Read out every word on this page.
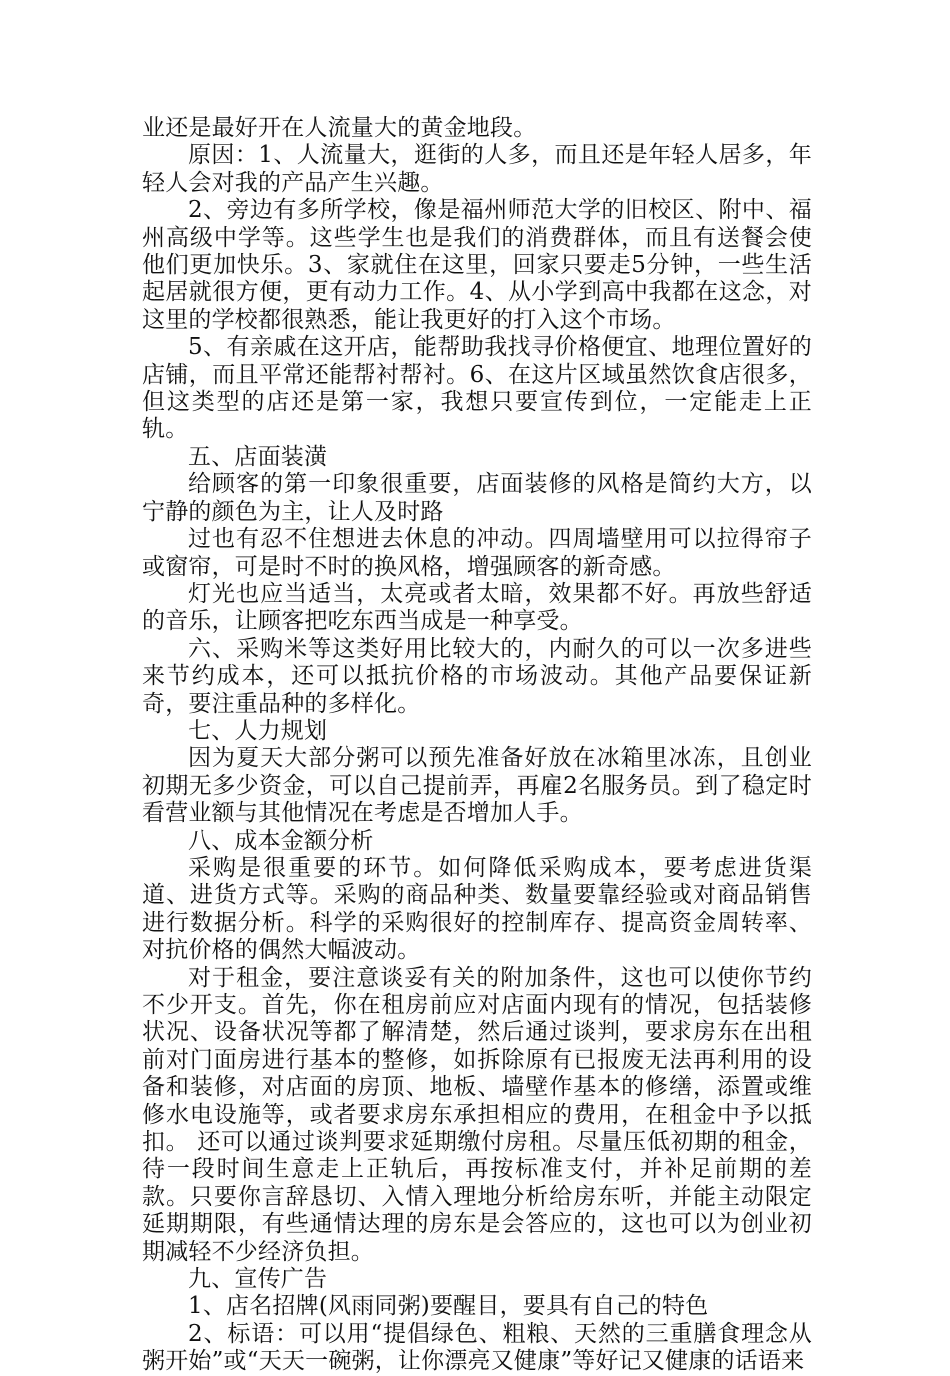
业还是最好开在人流量大的黄金地段。

原因：1、人流量大，逛街的人多，而且还是年轻人居多，年轻人会对我的产品产生兴趣。

2、旁边有多所学校，像是福州师范大学的旧校区、附中、福州高级中学等。这些学生也是我们的消费群体，而且有送餐会使他们更加快乐。3、家就住在这里，回家只要走5分钟，一些生活起居就很方便，更有动力工作。4、从小学到高中我都在这念，对这里的学校都很熟悉，能让我更好的打入这个市场。

5、有亲戚在这开店，能帮助我找寻价格便宜、地理位置好的店铺，而且平常还能帮衬帮衬。6、在这片区域虽然饮食店很多，但这类型的店还是第一家，我想只要宣传到位，一定能走上正轨。

五、店面装潢

给顾客的第一印象很重要，店面装修的风格是简约大方，以宁静的颜色为主，让人及时路

过也有忍不住想进去休息的冲动。四周墙壁用可以拉得帘子或窗帘，可是时不时的换风格，增强顾客的新奇感。

灯光也应当适当，太亮或者太暗，效果都不好。再放些舒适的音乐，让顾客把吃东西当成是一种享受。

六、采购米等这类好用比较大的，内耐久的可以一次多进些来节约成本，还可以抵抗价格的市场波动。其他产品要保证新奇，要注重品种的多样化。

七、人力规划

因为夏天大部分粥可以预先准备好放在冰箱里冰冻，且创业初期无多少资金，可以自己提前弄，再雇2名服务员。到了稳定时看营业额与其他情况在考虑是否增加人手。

八、成本金额分析

采购是很重要的环节。如何降低采购成本，要考虑进货渠道、进货方式等。采购的商品种类、数量要靠经验或对商品销售进行数据分析。科学的采购很好的控制库存、提高资金周转率、对抗价格的偶然大幅波动。

对于租金，要注意谈妥有关的附加条件，这也可以使你节约不少开支。首先，你在租房前应对店面内现有的情况，包括装修状况、设备状况等都了解清楚，然后通过谈判，要求房东在出租前对门面房进行基本的整修，如拆除原有已报废无法再利用的设备和装修，对店面的房顶、地板、墙壁作基本的修缮，添置或维修水电设施等，或者要求房东承担相应的费用，在租金中予以抵扣。 还可以通过谈判要求延期缴付房租。尽量压低初期的租金，待一段时间生意走上正轨后，再按标准支付，并补足前期的差款。只要你言辞恳切、入情入理地分析给房东听，并能主动限定延期期限，有些通情达理的房东是会答应的，这也可以为创业初期减轻不少经济负担。

九、宣传广告

1、店名招牌(风雨同粥)要醒目，要具有自己的特色

2、标语：可以用“提倡绿色、粗粮、天然的三重膳食理念从粥开始”或“天天一碗粥，让你漂亮又健康”等好记又健康的话语来
